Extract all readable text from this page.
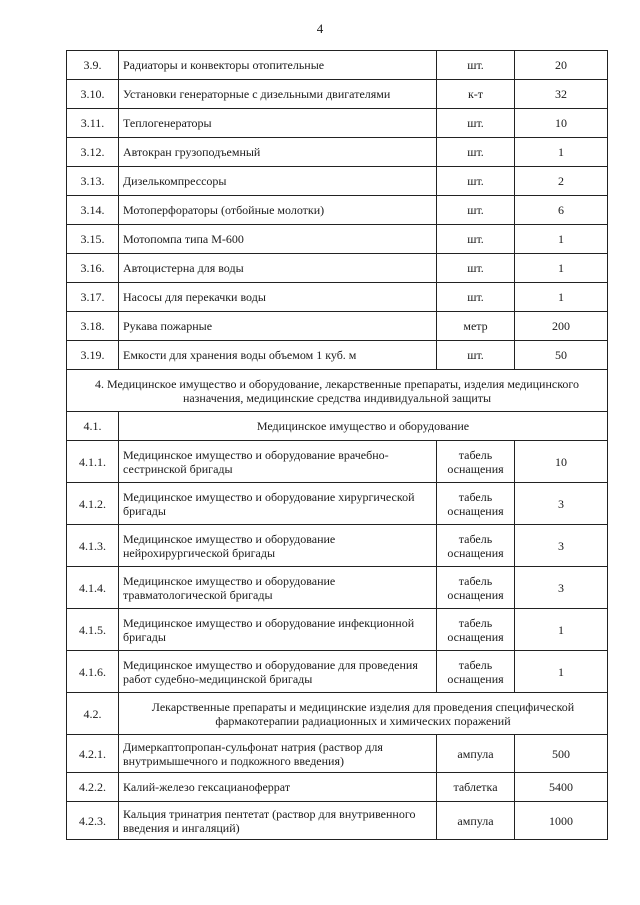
4
3.9.	Радиаторы и конвекторы отопительные	шт.	20
3.10.	Установки генераторные с дизельными двигателями	к-т	32
3.11.	Теплогенераторы	шт.	10
3.12.	Автокран грузоподъемный	шт.	1
3.13.	Дизелькомпрессоры	шт.	2
3.14.	Мотоперфораторы (отбойные молотки)	шт.	6
3.15.	Мотопомпа типа М-600	шт.	1
3.16.	Автоцистерна для воды	шт.	1
3.17.	Насосы для перекачки воды	шт.	1
3.18.	Рукава пожарные	метр	200
3.19.	Емкости для хранения воды объемом 1 куб. м	шт.	50
4. Медицинское имущество и оборудование, лекарственные препараты, изделия медицинского назначения, медицинские средства индивидуальной защиты			
4.1.	Медицинское имущество и оборудование		
4.1.1.	Медицинское имущество и оборудование врачебно-сестринской бригады	табель оснащения	10
4.1.2.	Медицинское имущество и оборудование хирургической бригады	табель оснащения	3
4.1.3.	Медицинское имущество и оборудование нейрохирургической бригады	табель оснащения	3
4.1.4.	Медицинское имущество и оборудование травматологической бригады	табель оснащения	3
4.1.5.	Медицинское имущество и оборудование инфекционной бригады	табель оснащения	1
4.1.6.	Медицинское имущество и оборудование для проведения работ судебно-медицинской бригады	табель оснащения	1
4.2.	Лекарственные препараты и медицинские изделия для проведения специфической фармакотерапии радиационных и химических поражений		
4.2.1.	Димеркаптопропан-сульфонат натрия (раствор для внутримышечного и подкожного введения)	ампула	500
4.2.2.	Калий-железо гексацианоферрат	таблетка	5400
4.2.3.	Кальция тринатрия пентетат (раствор для внутривенного введения и ингаляций)	ампула	1000
